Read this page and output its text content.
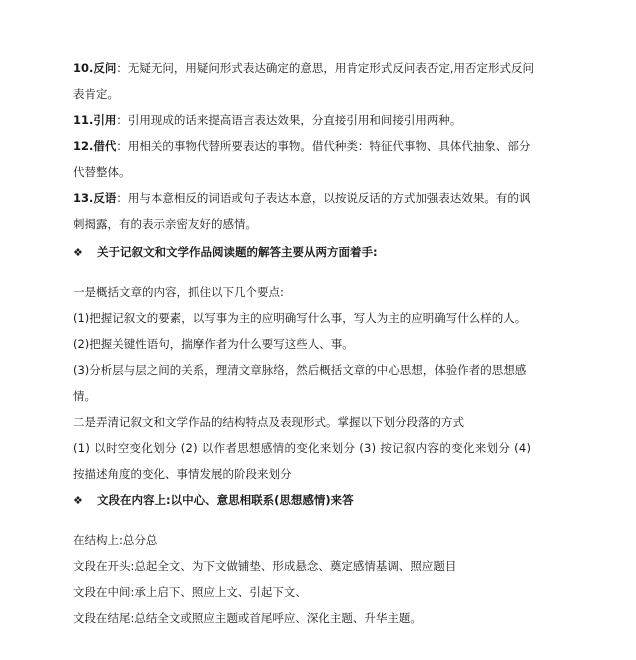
10.反问：无疑无问，用疑问形式表达确定的意思，用肯定形式反问表否定,用否定形式反问
表肯定。
11.引用：引用现成的话来提高语言表达效果，分直接引用和间接引用两种。
12.借代：用相关的事物代替所要表达的事物。借代种类：特征代事物、具体代抽象、部分
代替整体。
13.反语：用与本意相反的词语或句子表达本意，以按说反话的方式加强表达效果。有的讽
刺揭露，有的表示亲密友好的感情。
❖ 关于记叙文和文学作品阅读题的解答主要从两方面着手:
一是概括文章的内容，抓住以下几个要点:
(1)把握记叙文的要素，以写事为主的应明确写什么事，写人为主的应明确写什么样的人。
(2)把握关键性语句，揣摩作者为什么要写这些人、事。
(3)分析层与层之间的关系，理清文章脉络，然后概括文章的中心思想，体验作者的思想感
情。
二是弄清记叙文和文学作品的结构特点及表现形式。掌握以下划分段落的方式
(1) 以时空变化划分 (2) 以作者思想感情的变化来划分 (3) 按记叙内容的变化来划分 (4)
按描述角度的变化、事情发展的阶段来划分
❖ 文段在内容上:以中心、意思相联系(思想感情)来答
在结构上:总分总
文段在开头:总起全文、为下文做铺垫、形成悬念、奠定感情基调、照应题目
文段在中间:承上启下、照应上文、引起下文、
文段在结尾:总结全文或照应主题或首尾呼应、深化主题、升华主题。
